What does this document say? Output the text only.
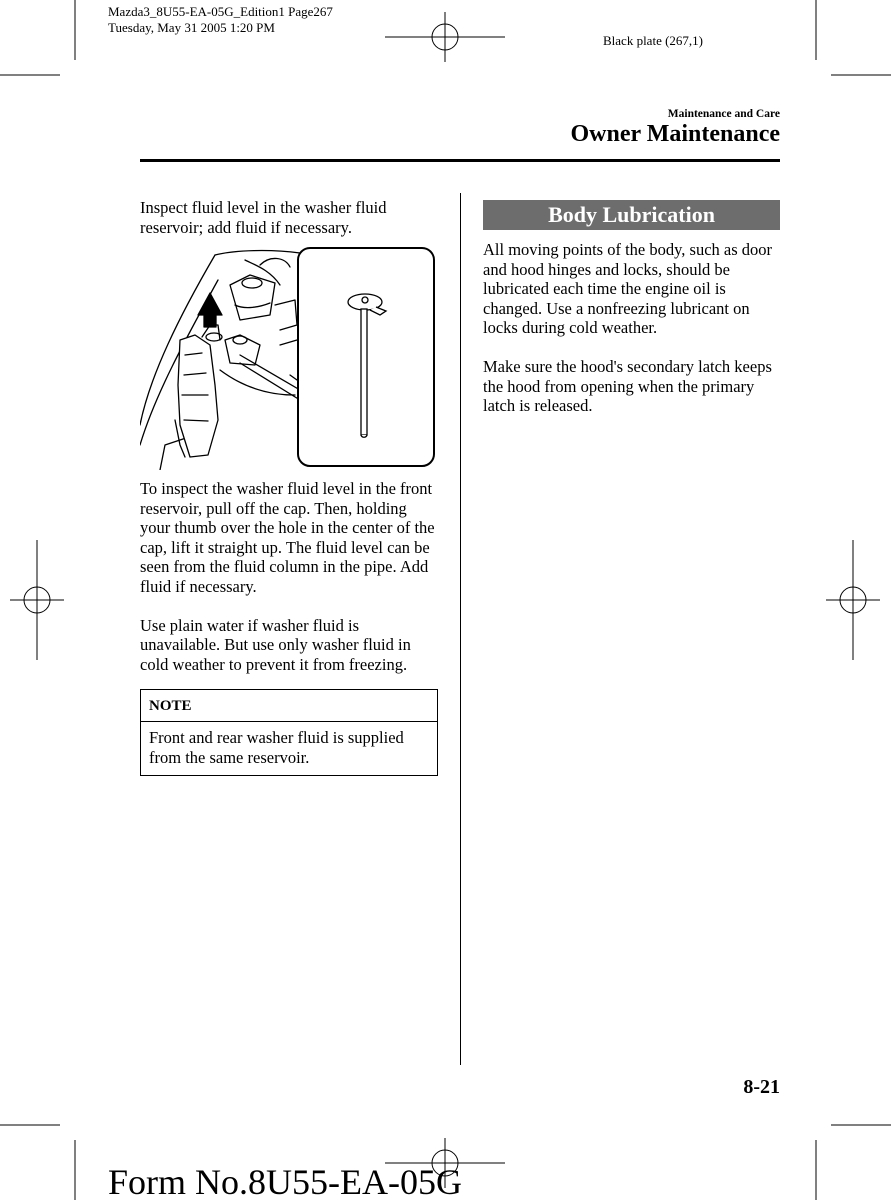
Mazda3_8U55-EA-05G_Edition1 Page267
Tuesday, May 31 2005 1:20 PM
Black plate (267,1)
Maintenance and Care
Owner Maintenance

Inspect fluid level in the washer fluid reservoir; add fluid if necessary.

To inspect the washer fluid level in the front reservoir, pull off the cap. Then, holding your thumb over the hole in the center of the cap, lift it straight up. The fluid level can be seen from the fluid column in the pipe. Add fluid if necessary.

Use plain water if washer fluid is unavailable. But use only washer fluid in cold weather to prevent it from freezing.

NOTE
Front and rear washer fluid is supplied from the same reservoir.
Body Lubrication

All moving points of the body, such as door and hood hinges and locks, should be lubricated each time the engine oil is changed. Use a nonfreezing lubricant on locks during cold weather.

Make sure the hood's secondary latch keeps the hood from opening when the primary latch is released.

8-21
Form No.8U55-EA-05G
